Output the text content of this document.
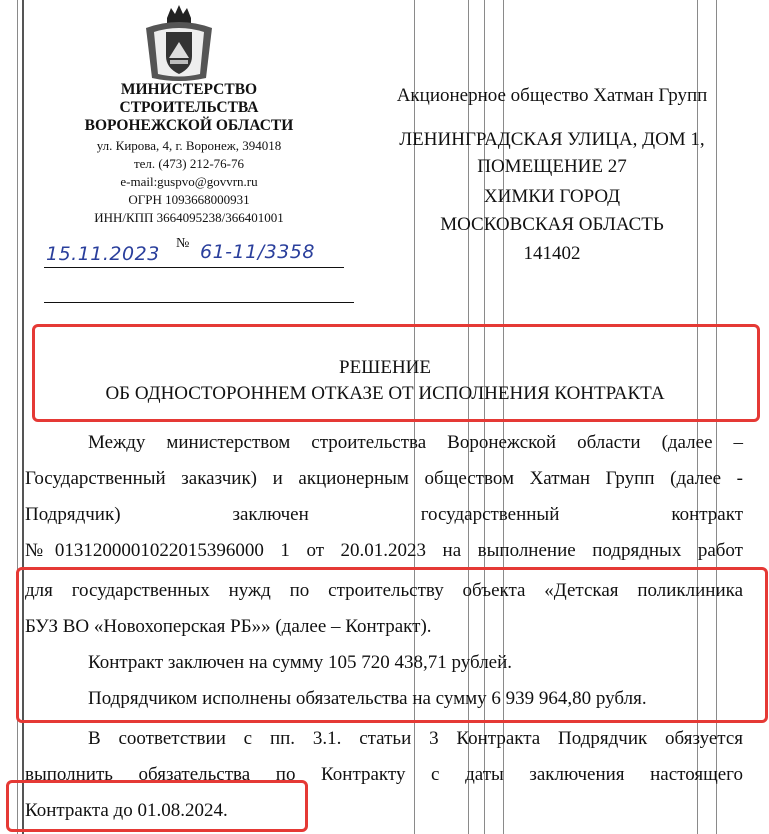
МИНИСТЕРСТВО
СТРОИТЕЛЬСТВА
ВОРОНЕЖСКОЙ ОБЛАСТИ
ул. Кирова, 4, г. Воронеж, 394018
тел. (473) 212-76-76
e-mail:guspvo@govvrn.ru
ОГРН 1093668000931
ИНН/КПП 3664095238/366401001
15.11.2023 № 61-11/3358
Акционерное общество Хатман Групп
ЛЕНИНГРАДСКАЯ УЛИЦА, ДОМ 1,
ПОМЕЩЕНИЕ 27
ХИМКИ ГОРОД
МОСКОВСКАЯ ОБЛАСТЬ
141402
РЕШЕНИЕ
ОБ ОДНОСТОРОННЕМ ОТКАЗЕ ОТ ИСПОЛНЕНИЯ КОНТРАКТА
Между министерством строительства Воронежской области (далее –
Государственный заказчик) и акционерным обществом Хатман Групп (далее -
Подрядчик) заключен государственный контракт
№0131200001022015396000 1 от 20.01.2023 на выполнение подрядных работ
для государственных нужд по строительству объекта «Детская поликлиника
БУЗ ВО «Новохоперская РБ»» (далее – Контракт).
Контракт заключен на сумму 105 720 438,71 рублей.
Подрядчиком исполнены обязательства на сумму 6 939 964,80 рубля.
В соответствии с пп. 3.1. статьи 3 Контракта Подрядчик обязуется
выполнить обязательства по Контракту с даты заключения настоящего
Контракта до 01.08.2024.
